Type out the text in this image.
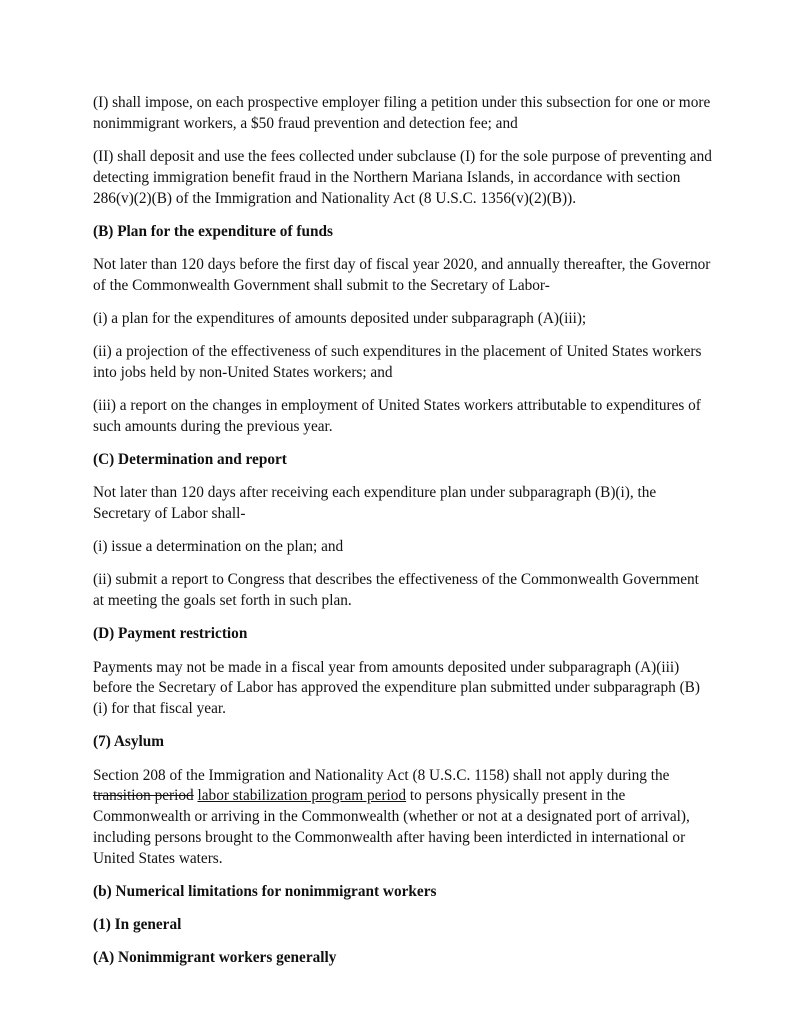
(I) shall impose, on each prospective employer filing a petition under this subsection for one or more nonimmigrant workers, a $50 fraud prevention and detection fee; and

(II) shall deposit and use the fees collected under subclause (I) for the sole purpose of preventing and detecting immigration benefit fraud in the Northern Mariana Islands, in accordance with section 286(v)(2)(B) of the Immigration and Nationality Act (8 U.S.C. 1356(v)(2)(B)).

(B) Plan for the expenditure of funds

Not later than 120 days before the first day of fiscal year 2020, and annually thereafter, the Governor of the Commonwealth Government shall submit to the Secretary of Labor-

(i) a plan for the expenditures of amounts deposited under subparagraph (A)(iii);

(ii) a projection of the effectiveness of such expenditures in the placement of United States workers into jobs held by non-United States workers; and

(iii) a report on the changes in employment of United States workers attributable to expenditures of such amounts during the previous year.

(C) Determination and report

Not later than 120 days after receiving each expenditure plan under subparagraph (B)(i), the Secretary of Labor shall-

(i) issue a determination on the plan; and

(ii) submit a report to Congress that describes the effectiveness of the Commonwealth Government at meeting the goals set forth in such plan.

(D) Payment restriction

Payments may not be made in a fiscal year from amounts deposited under subparagraph (A)(iii) before the Secretary of Labor has approved the expenditure plan submitted under subparagraph (B)(i) for that fiscal year.

(7) Asylum

Section 208 of the Immigration and Nationality Act (8 U.S.C. 1158) shall not apply during the transition period labor stabilization program period to persons physically present in the Commonwealth or arriving in the Commonwealth (whether or not at a designated port of arrival), including persons brought to the Commonwealth after having been interdicted in international or United States waters.

(b) Numerical limitations for nonimmigrant workers

(1) In general

(A) Nonimmigrant workers generally
